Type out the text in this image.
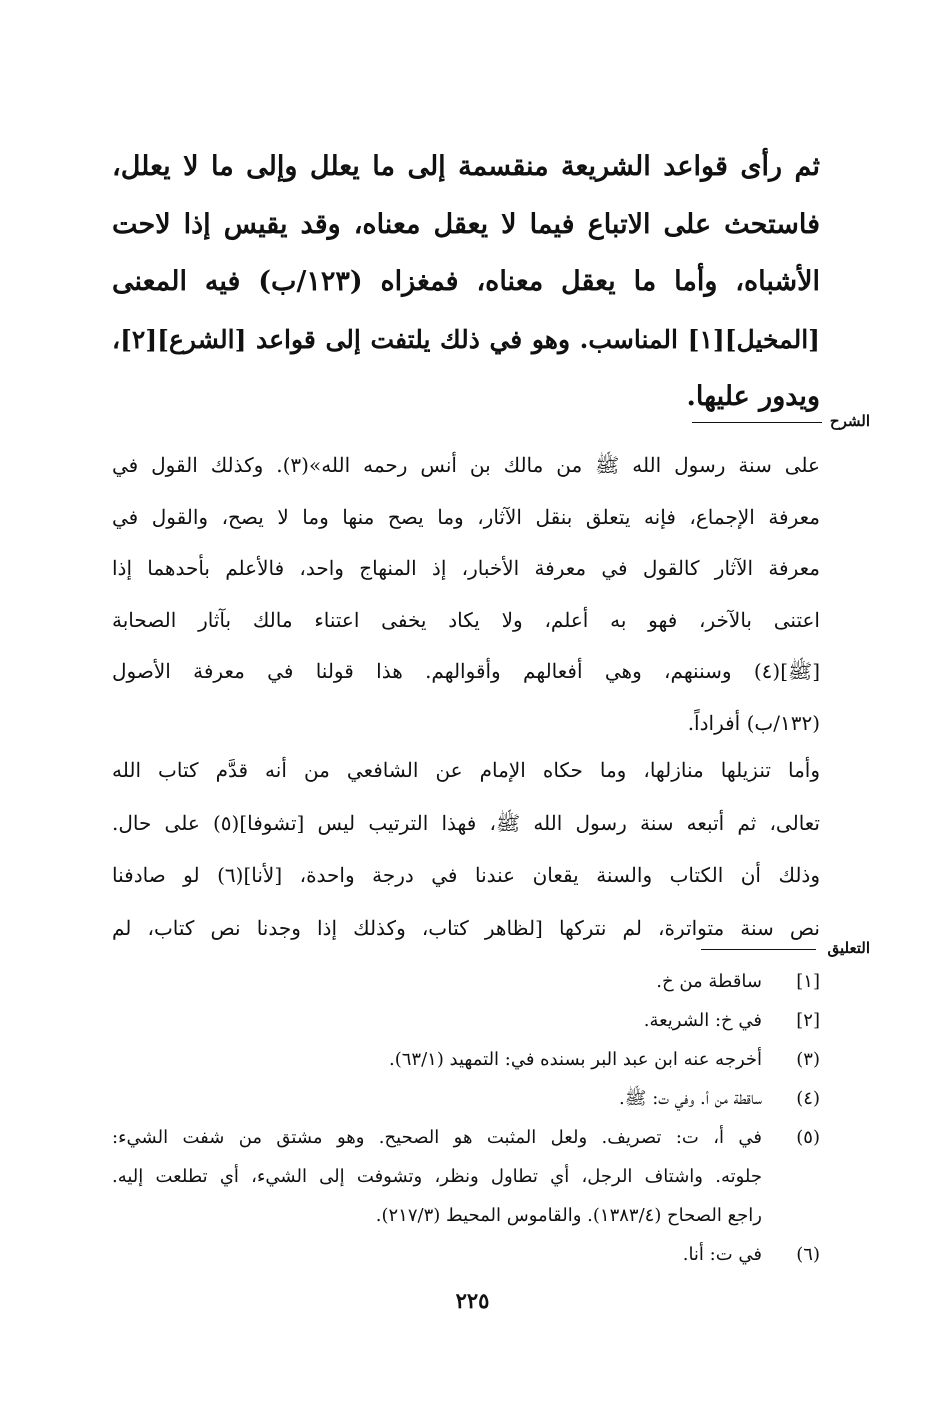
ثم رأى قواعد الشريعة منقسمة إلى ما يعلل وإلى ما لا يعلل،
فاستحث على الاتباع فيما لا يعقل معناه، وقد يقيس إذا لاحت
الأشباه، وأما ما يعقل معناه، فمغزاه (١٢٣/ب) فيه المعنى
[المخيل][١] المناسب. وهو في ذلك يلتفت إلى قواعد [الشرع][٢]،
ويدور عليها.
الشرح
على سنة رسول الله ﷺ من مالك بن أنس رحمه الله»(٣). وكذلك القول في
معرفة الإجماع، فإنه يتعلق بنقل الآثار، وما يصح منها وما لا يصح، والقول في
معرفة الآثار كالقول في معرفة الأخبار، إذ المنهاج واحد، فالأعلم بأحدهما إذا
اعتنى بالآخر، فهو به أعلم، ولا يكاد يخفى اعتناء مالك بآثار الصحابة
[ﷺ](٤) وسننهم، وهي أفعالهم وأقوالهم. هذا قولنا في معرفة الأصول
(١٣٢/ب) أفراداً.
وأما تنزيلها منازلها، وما حكاه الإمام عن الشافعي من أنه قدَّم كتاب الله
تعالى، ثم أتبعه سنة رسول الله ﷺ، فهذا الترتيب ليس [تشوفا](٥) على حال.
وذلك أن الكتاب والسنة يقعان عندنا في درجة واحدة، [لأنا](٦) لو صادفنا
نص سنة متواترة، لم نتركها [لظاهر كتاب، وكذلك إذا وجدنا نص كتاب، لم
التعليق
[١]
ساقطة من خ.
[٢]
في خ: الشريعة.
(٣)
أخرجه عنه ابن عبد البر بسنده في: التمهيد (٦٣/١).
(٤)
ساقطة من أ. وفي ت: ﷺ.
(٥)
في أ، ت: تصريف. ولعل المثبت هو الصحيح. وهو مشتق من شفت الشيء:
جلوته. واشتاف الرجل، أي تطاول ونظر، وتشوفت إلى الشيء، أي تطلعت إليه.
راجع الصحاح (١٣٨٣/٤). والقاموس المحيط (٢١٧/٣).
(٦)
في ت: أنا.
٢٢٥
